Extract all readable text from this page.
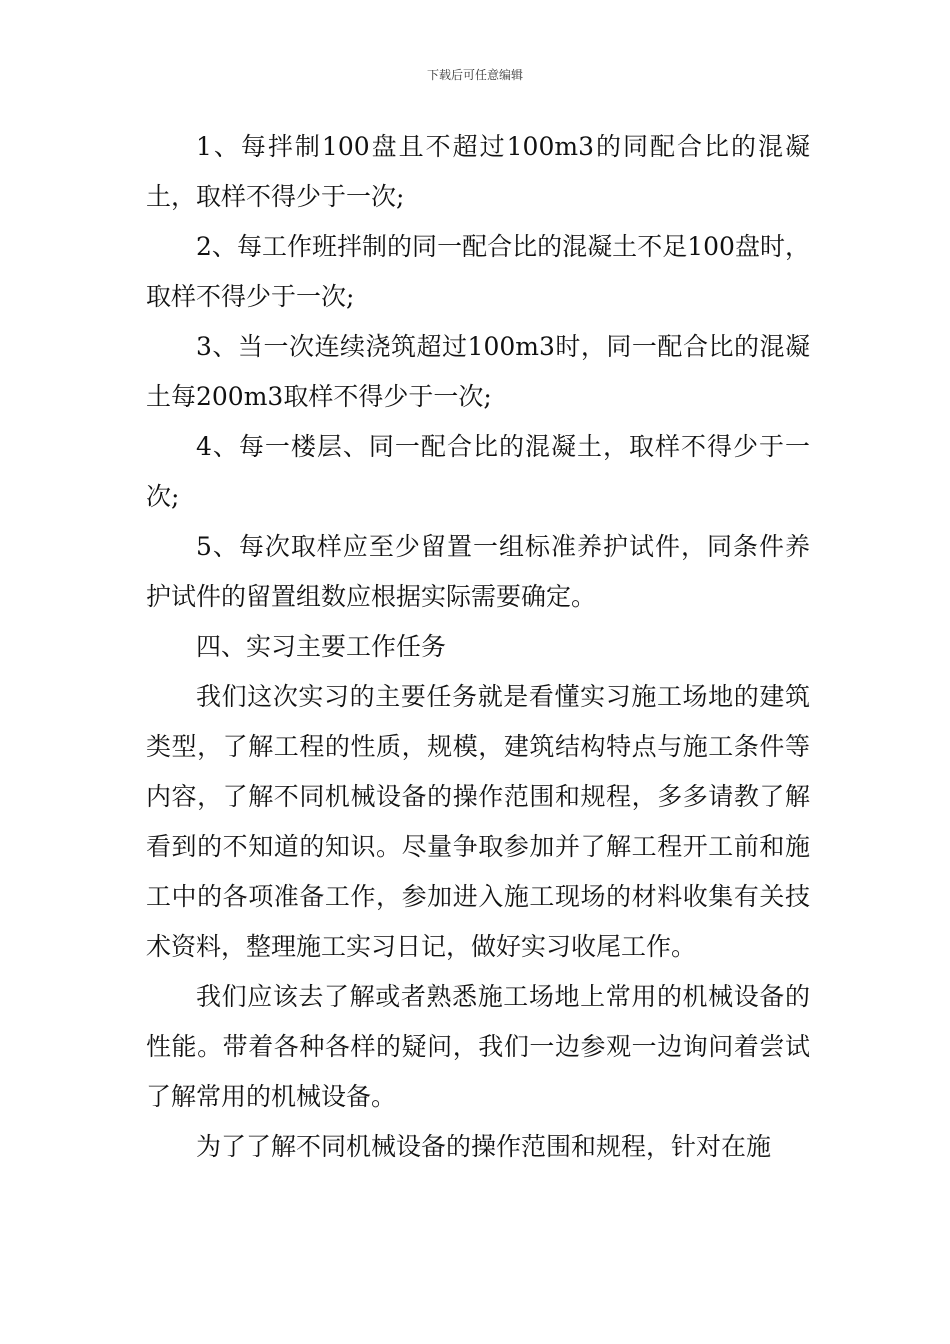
下载后可任意编辑

1、每拌制100盘且不超过100m3的同配合比的混凝土，取样不得少于一次;

2、每工作班拌制的同一配合比的混凝土不足100盘时，取样不得少于一次;

3、当一次连续浇筑超过100m3时，同一配合比的混凝土每200m3取样不得少于一次;

4、每一楼层、同一配合比的混凝土，取样不得少于一次;

5、每次取样应至少留置一组标准养护试件，同条件养护试件的留置组数应根据实际需要确定。

四、实习主要工作任务

我们这次实习的主要任务就是看懂实习施工场地的建筑类型，了解工程的性质，规模，建筑结构特点与施工条件等内容，了解不同机械设备的操作范围和规程，多多请教了解看到的不知道的知识。尽量争取参加并了解工程开工前和施工中的各项准备工作，参加进入施工现场的材料收集有关技术资料，整理施工实习日记，做好实习收尾工作。

我们应该去了解或者熟悉施工场地上常用的机械设备的性能。带着各种各样的疑问，我们一边参观一边询问着尝试了解常用的机械设备。

为了了解不同机械设备的操作范围和规程，针对在施
